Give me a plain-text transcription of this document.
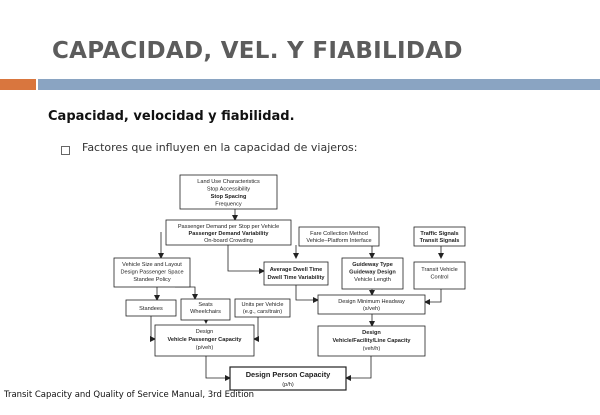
CAPACIDAD, VEL. Y FIABILIDAD
Capacidad, velocidad y fiabilidad.
Factores que influyen en la capacidad de viajeros:
Land Use Characteristics
Stop Accessibility
Stop Spacing
Frequency
Passenger Demand per Stop per Vehicle
Passenger Demand Variability
On-board Crowding
Fare Collection Method
Vehicle–Platform Interface
Traffic Signals
Transit Signals
Vehicle Size and Layout
Design Passenger Space
Standee Policy
Average Dwell Time
Dwell Time Variability
Guideway Type
Guideway Design
Vehicle Length
Transit Vehicle
Control
Standees
Seats
Wheelchairs
Units per Vehicle
(e.g., cars/train)
Design Minimum Headway
(s/veh)
Design
Vehicle Passenger Capacity
(p/veh)
Design
Vehicle/Facility/Line Capacity
(veh/h)
Design Person Capacity
(p/h)
Transit Capacity and Quality of Service Manual, 3rd Edition
